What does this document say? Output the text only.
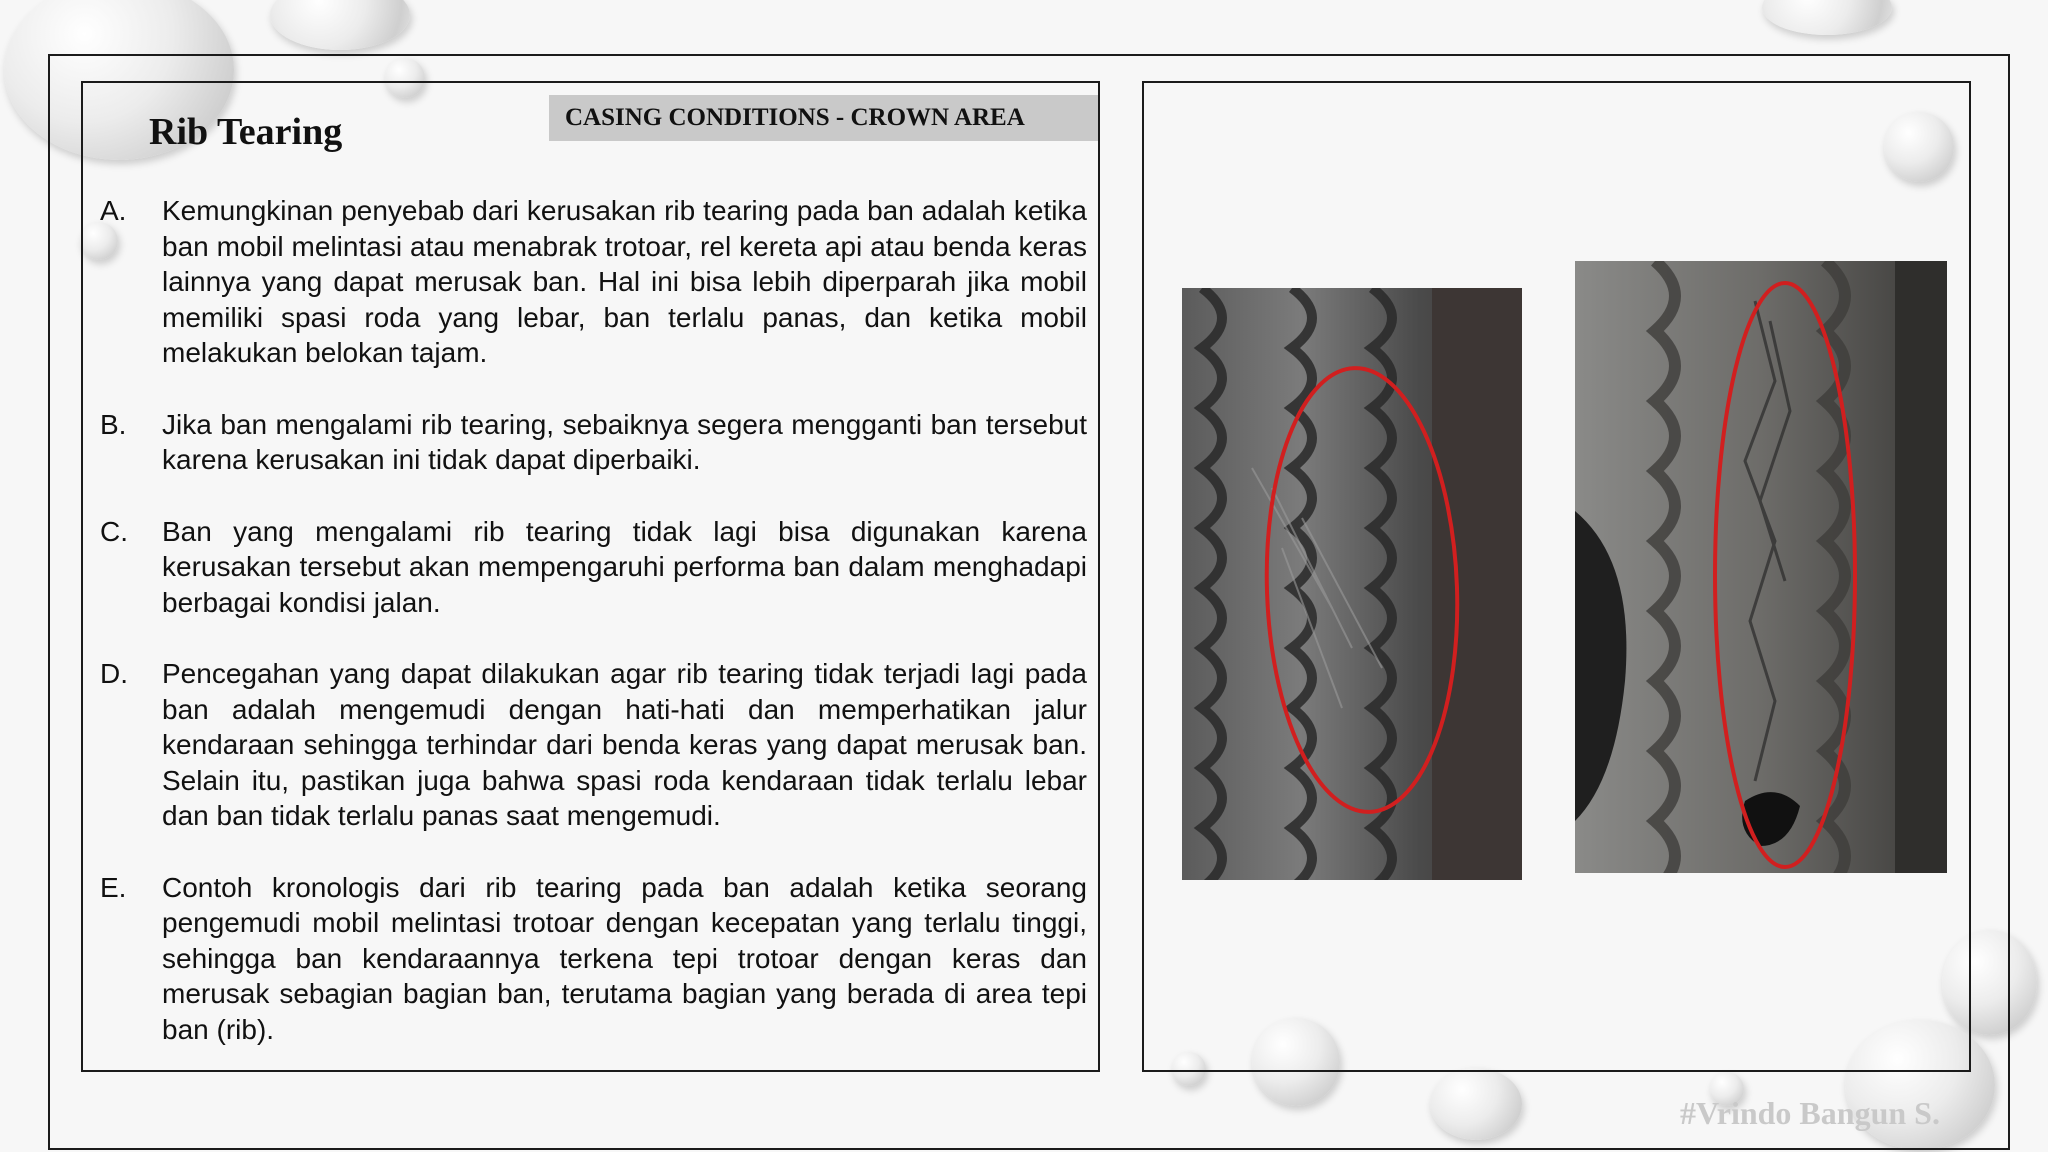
Rib Tearing	CASING CONDITIONS - CROWN AREA
A.	Kemungkinan penyebab dari kerusakan rib tearing pada ban adalah ketika ban mobil melintasi atau menabrak trotoar, rel kereta api atau benda keras lainnya yang dapat merusak ban. Hal ini bisa lebih diperparah jika mobil memiliki spasi roda yang lebar, ban terlalu panas, dan ketika mobil melakukan belokan tajam.
B.	Jika ban mengalami rib tearing, sebaiknya segera mengganti ban tersebut karena kerusakan ini tidak dapat diperbaiki.
C.	Ban yang mengalami rib tearing tidak lagi bisa digunakan karena kerusakan tersebut akan mempengaruhi performa ban dalam menghadapi berbagai kondisi jalan.
D.	Pencegahan yang dapat dilakukan agar rib tearing tidak terjadi lagi pada ban adalah mengemudi dengan hati-hati dan memperhatikan jalur kendaraan sehingga terhindar dari benda keras yang dapat merusak ban. Selain itu, pastikan juga bahwa spasi roda kendaraan tidak terlalu lebar dan ban tidak terlalu panas saat mengemudi.
E.	Contoh kronologis dari rib tearing pada ban adalah ketika seorang pengemudi mobil melintasi trotoar dengan kecepatan yang terlalu tinggi, sehingga ban kendaraannya terkena tepi trotoar dengan keras dan merusak sebagian bagian ban, terutama bagian yang berada di area tepi ban (rib).
#Vrindo Bangun S.
